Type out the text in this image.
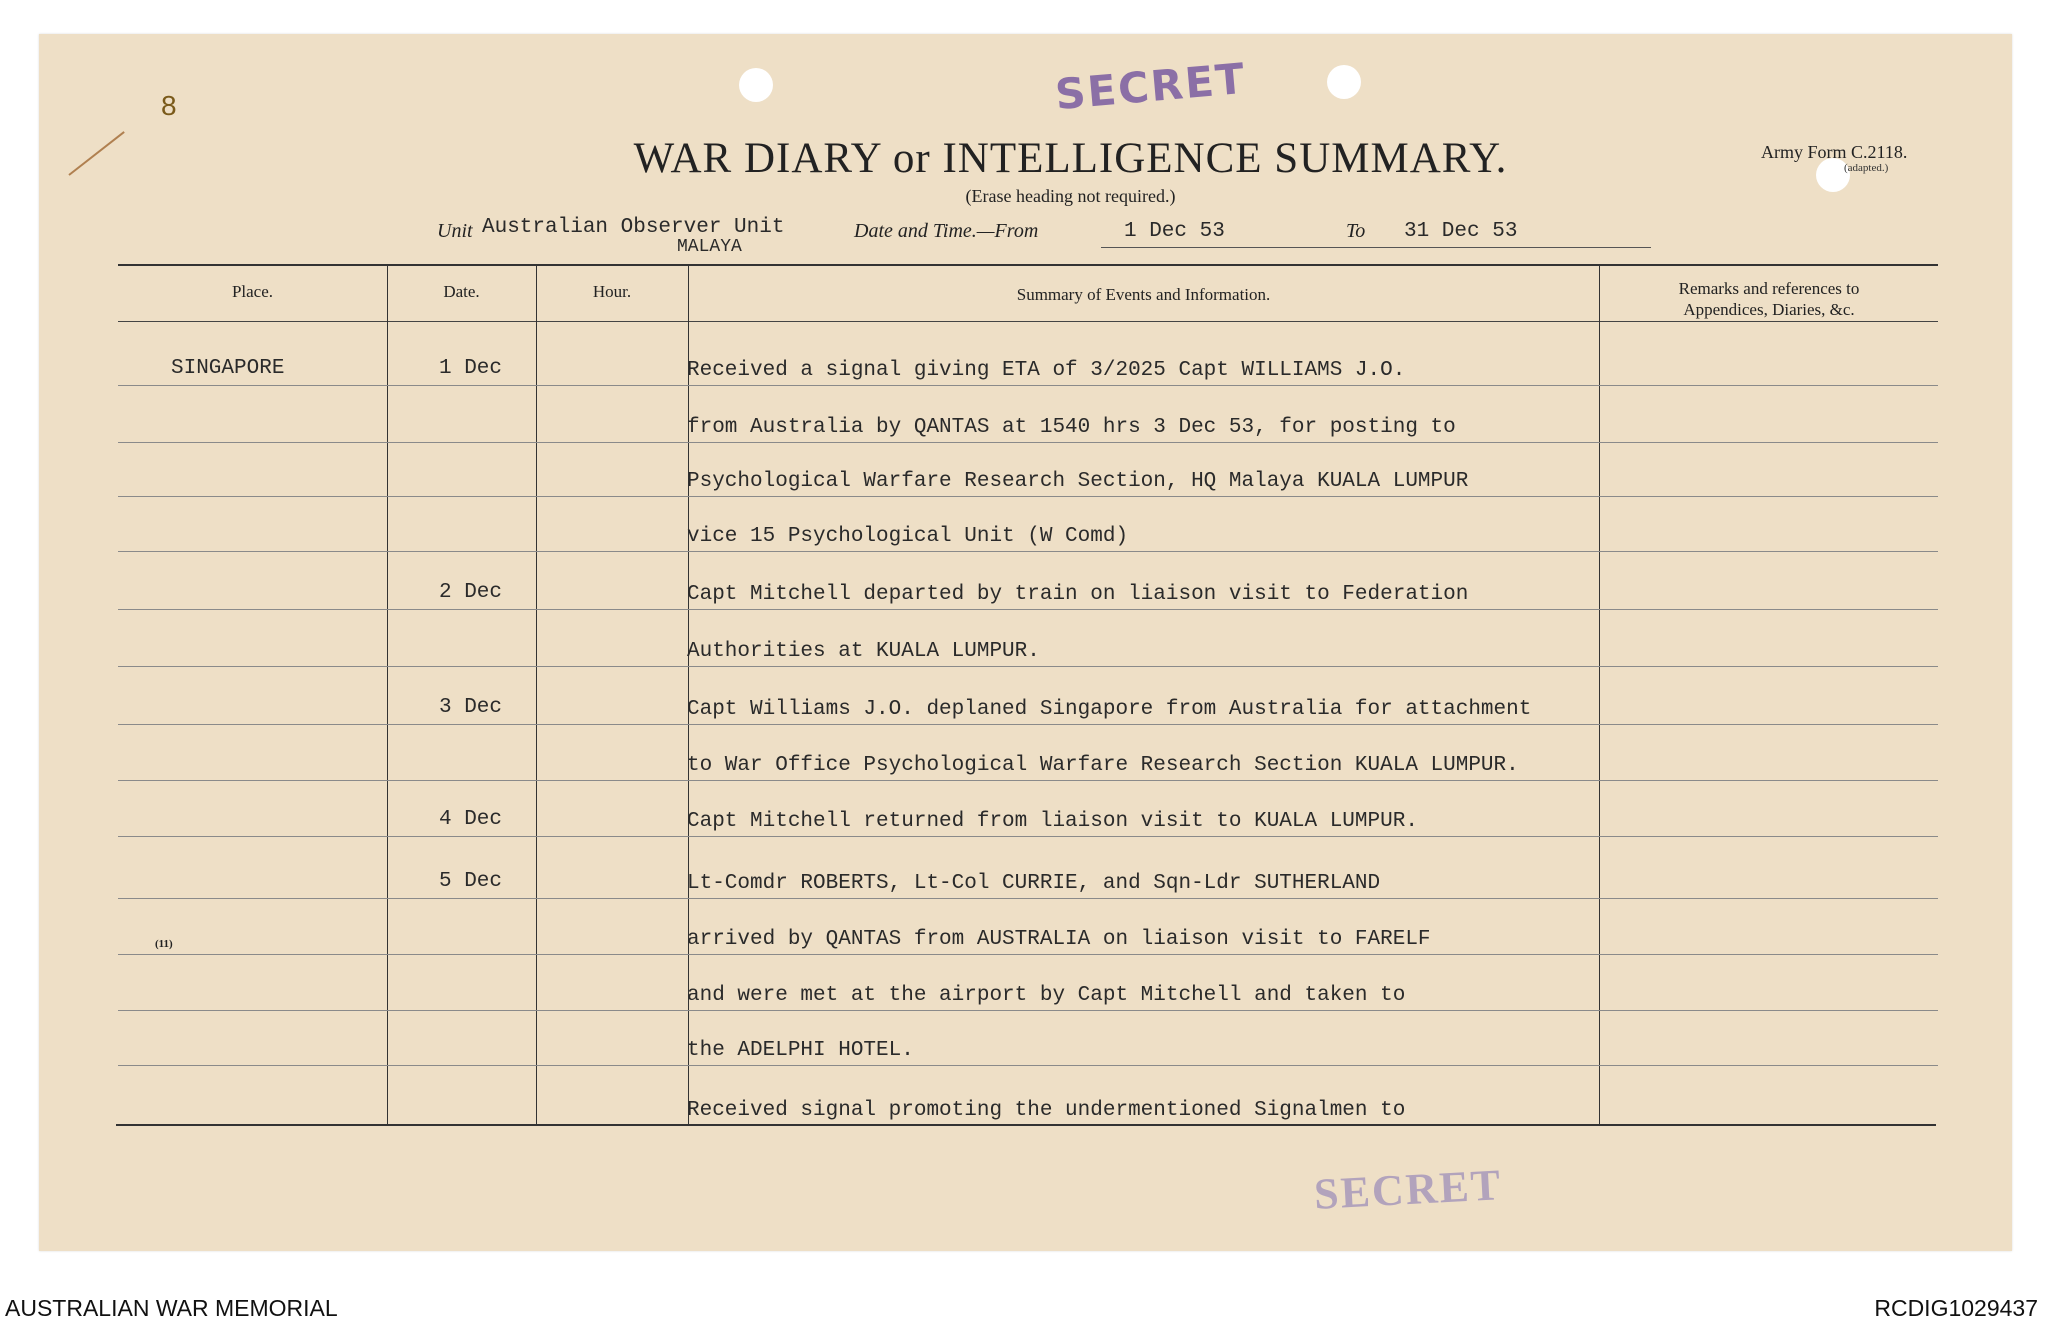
8	SECRET
WAR DIARY or INTELLIGENCE SUMMARY.
(Erase heading not required.)
Army Form C.2118.
(adapted.)
Unit Australian Observer Unit
MALAYA
Date and Time.—From	1 Dec 53	To 31 Dec 53
Place.	Date.	Hour.	Summary of Events and Information.	Remarks and references to
Appendices, Diaries, &c.
SINGAPORE	1 Dec	Received a signal giving ETA of 3/2025 Capt WILLIAMS J.O.
from Australia by QANTAS at 1540 hrs 3 Dec 53, for posting to
Psychological Warfare Research Section, HQ Malaya KUALA LUMPUR
vice 15 Psychological Unit (W Comd)
2 Dec	Capt Mitchell departed by train on liaison visit to Federation
Authorities at KUALA LUMPUR.
3 Dec	Capt Williams J.O. deplaned Singapore from Australia for attachment
to War Office Psychological Warfare Research Section KUALA LUMPUR.
4 Dec	Capt Mitchell returned from liaison visit to KUALA LUMPUR.
5 Dec	Lt-Comdr ROBERTS, Lt-Col CURRIE, and Sqn-Ldr SUTHERLAND
arrived by QANTAS from AUSTRALIA on liaison visit to FARELF
and were met at the airport by Capt Mitchell and taken to
the ADELPHI HOTEL.
Received signal promoting the undermentioned Signalmen to
(11)
SECRET
AUSTRALIAN WAR MEMORIAL	RCDIG1029437
